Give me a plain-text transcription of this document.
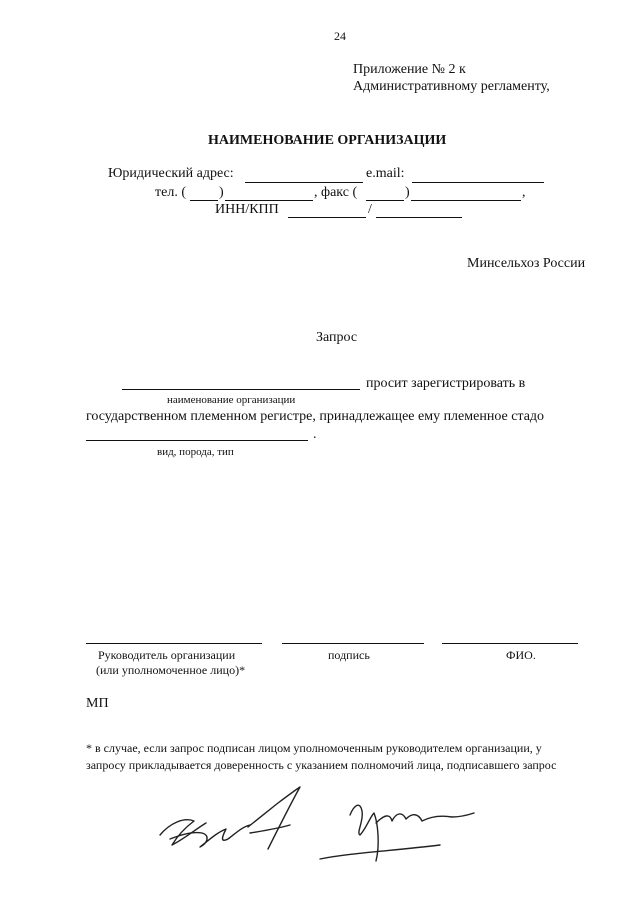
24
Приложение № 2 к
Административному регламенту,
НАИМЕНОВАНИЕ ОРГАНИЗАЦИИ
Юридический адрес:	e.mail:
тел. ( )	, факс (	)	,
ИНН/КПП	/
Минсельхоз России
Запрос
просит зарегистрировать в
наименование организации
государственном племенном регистре, принадлежащее ему племенное стадо
.
вид, порода, тип
Руководитель организации
(или уполномоченное лицо)*
подпись	ФИО.
МП
* в случае, если запрос подписан лицом уполномоченным руководителем организации, у
запросу прикладывается доверенность с указанием полномочий лица, подписавшего запрос
